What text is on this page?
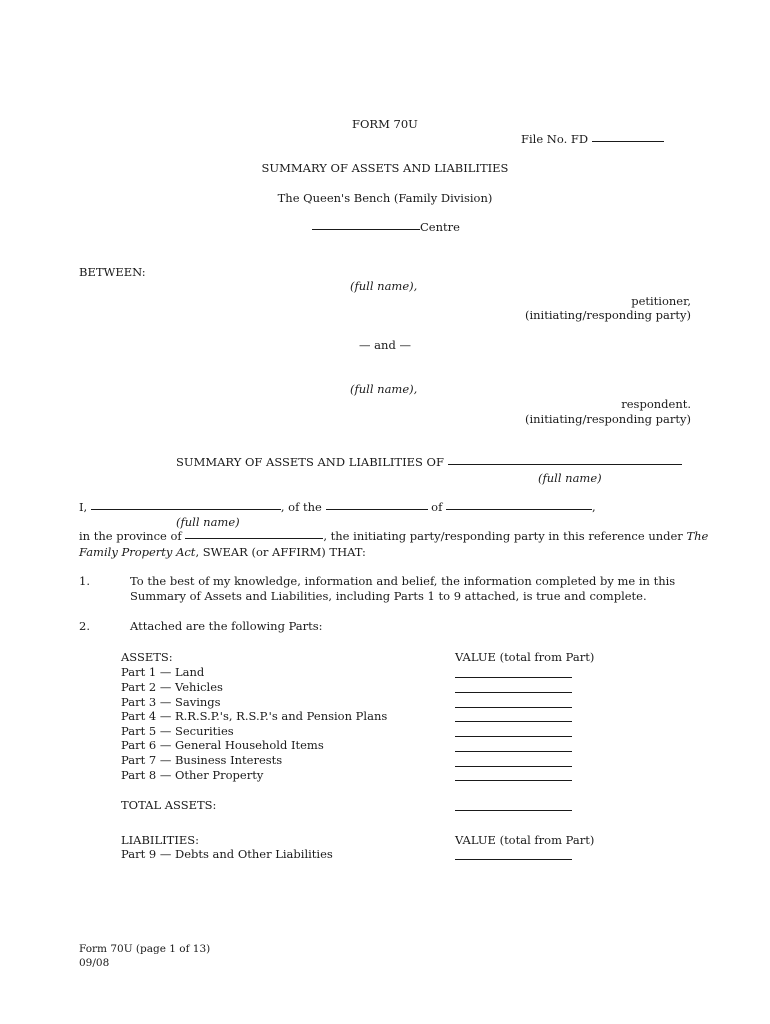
FORM 70U
File No. FD
SUMMARY OF ASSETS AND LIABILITIES
The Queen's Bench (Family Division)
Centre
BETWEEN:
(full name),
petitioner,
(initiating/responding party)
— and —
(full name),
respondent.
(initiating/responding party)
SUMMARY OF ASSETS AND LIABILITIES OF
(full name)
I,	, of the	of	,
(full name)
in the province of	, the initiating party/responding party in this reference under The
Family Property Act, SWEAR (or AFFIRM) THAT:
1.	To the best of my knowledge, information and belief, the information completed by me in this
Summary of Assets and Liabilities, including Parts 1 to 9 attached, is true and complete.
2.	Attached are the following Parts:
ASSETS:	VALUE (total from Part)
Part 1 — Land
Part 2 — Vehicles
Part 3 — Savings
Part 4 — R.R.S.P.'s, R.S.P.'s and Pension Plans
Part 5 — Securities
Part 6 — General Household Items
Part 7 — Business Interests
Part 8 — Other Property
TOTAL ASSETS:
LIABILITIES:	VALUE (total from Part)
Part 9 — Debts and Other Liabilities
Form 70U (page 1 of 13)
09/08
